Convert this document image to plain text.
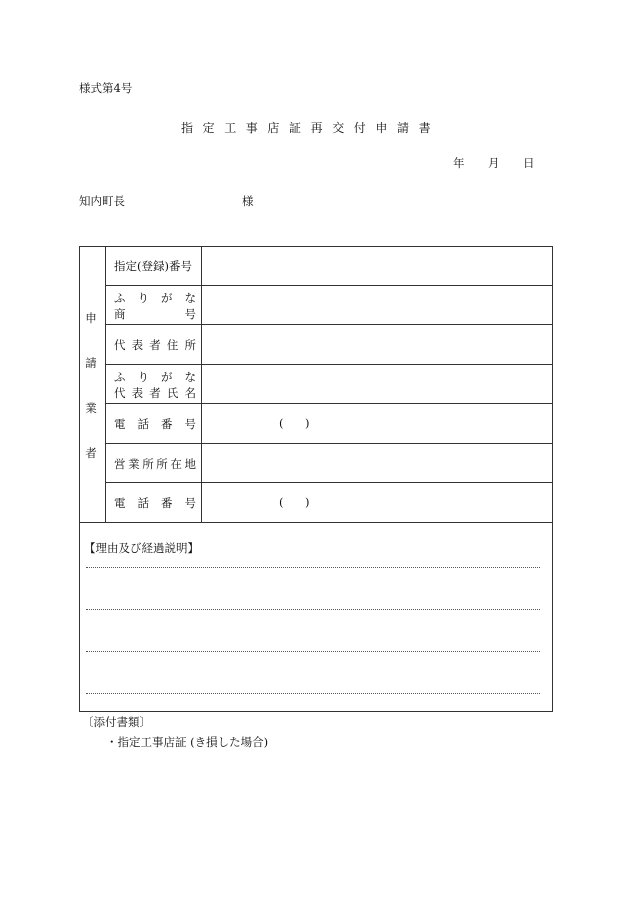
様式第4号
指定工事店証再交付申請書
年 月 日
知内町長	様
申
請
業
者
指定(登録)番号
ふ り が な
商	号
代 表 者 住 所
ふ り が な
代 表 者 氏 名
電 話 番 号	( )
営 業 所 所 在 地
電 話 番 号	( )
【理由及び経過説明】
〔添付書類〕
・指定工事店証 (き損した場合)
